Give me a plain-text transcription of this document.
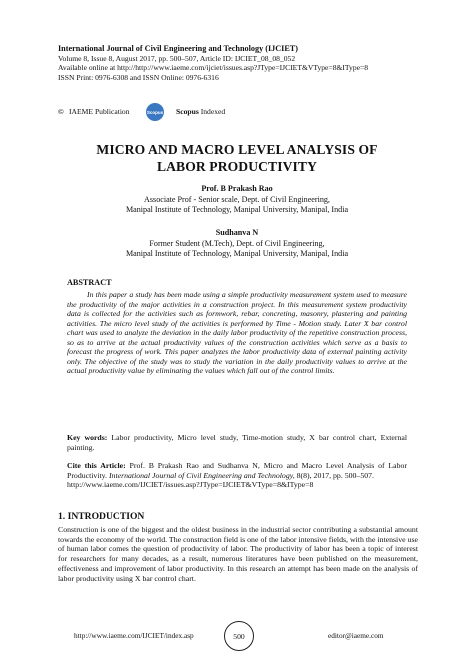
International Journal of Civil Engineering and Technology (IJCIET)
Volume 8, Issue 8, August 2017, pp. 500–507, Article ID: IJCIET_08_08_052
Available online at http://http://www.iaeme.com/ijciet/issues.asp?JType=IJCIET&VType=8&IType=8
ISSN Print: 0976-6308 and ISSN Online: 0976-6316
© IAEME Publication	Scopus Scopus Indexed
MICRO AND MACRO LEVEL ANALYSIS OF
LABOR PRODUCTIVITY
Prof. B Prakash Rao
Associate Prof - Senior scale, Dept. of Civil Engineering,
Manipal Institute of Technology, Manipal University, Manipal, India
Sudhanva N
Former Student (M.Tech), Dept. of Civil Engineering,
Manipal Institute of Technology, Manipal University, Manipal, India
ABSTRACT
In this paper a study has been made using a simple productivity measurement system used to measure the productivity of the major activities in a construction project. In this measurement system productivity data is collected for the activities such as formwork, rebar, concreting, masonry, plastering and painting activities. The micro level study of the activities is performed by Time - Motion study. Later X bar control chart was used to analyze the deviation in the daily labor productivity of the repetitive construction process, so as to arrive at the actual productivity values of the construction activities which serve as a basis to forecast the progress of work. This paper analyzes the labor productivity data of external painting activity only. The objective of the study was to study the variation in the daily productivity values to arrive at the actual productivity value by eliminating the values which fall out of the control limits.
Key words: Labor productivity, Micro level study, Time-motion study, X bar control chart, External painting.
Cite this Article: Prof. B Prakash Rao and Sudhanva N, Micro and Macro Level Analysis of Labor Productivity. International Journal of Civil Engineering and Technology, 8(8), 2017, pp. 500–507.
http://www.iaeme.com/IJCIET/issues.asp?JType=IJCIET&VType=8&IType=8
1. INTRODUCTION
Construction is one of the biggest and the oldest business in the industrial sector contributing a substantial amount towards the economy of the world. The construction field is one of the labor intensive fields, with the intensive use of human labor comes the question of productivity of labor. The productivity of labor has been a topic of interest for researchers for many decades, as a result, numerous literatures have been published on the measurement, effectiveness and improvement of labor productivity. In this research an attempt has been made on the analysis of labor productivity using X bar control chart.
http://www.iaeme.com/IJCIET/index.asp	500	editor@iaeme.com
